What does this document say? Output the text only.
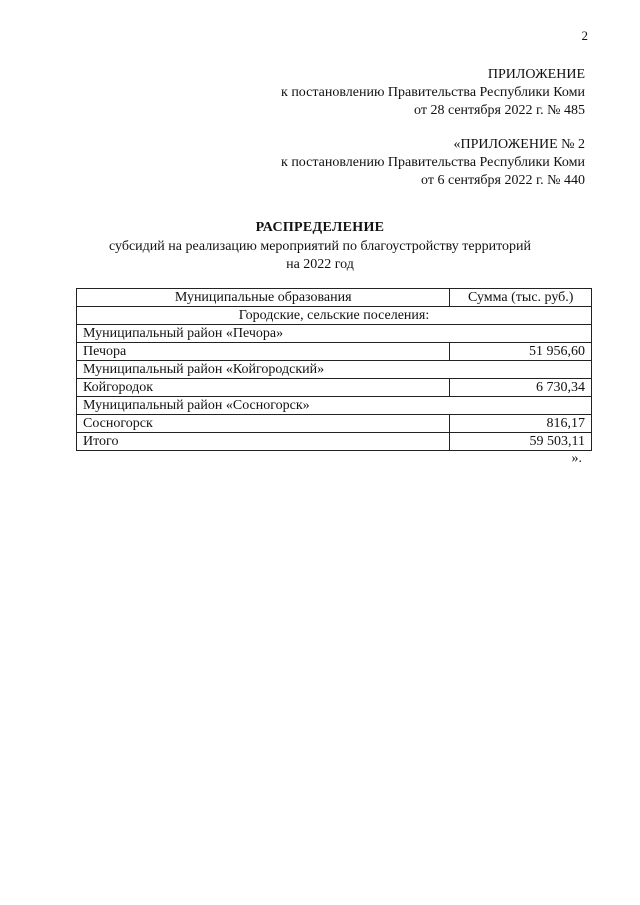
2
ПРИЛОЖЕНИЕ
к постановлению Правительства Республики Коми
от 28 сентября 2022 г. № 485
«ПРИЛОЖЕНИЕ № 2
к постановлению Правительства Республики Коми
от 6 сентября 2022 г. № 440
РАСПРЕДЕЛЕНИЕ
субсидий на реализацию мероприятий по благоустройству территорий
на 2022 год
Муниципальные образования	Сумма (тыс. руб.)
Городские, сельские поселения:	
Муниципальный район «Печора»	
Печора	51 956,60
Муниципальный район «Койгородский»	
Койгородок	6 730,34
Муниципальный район «Сосногорск»	
Сосногорск	816,17
Итого	59 503,11
».
